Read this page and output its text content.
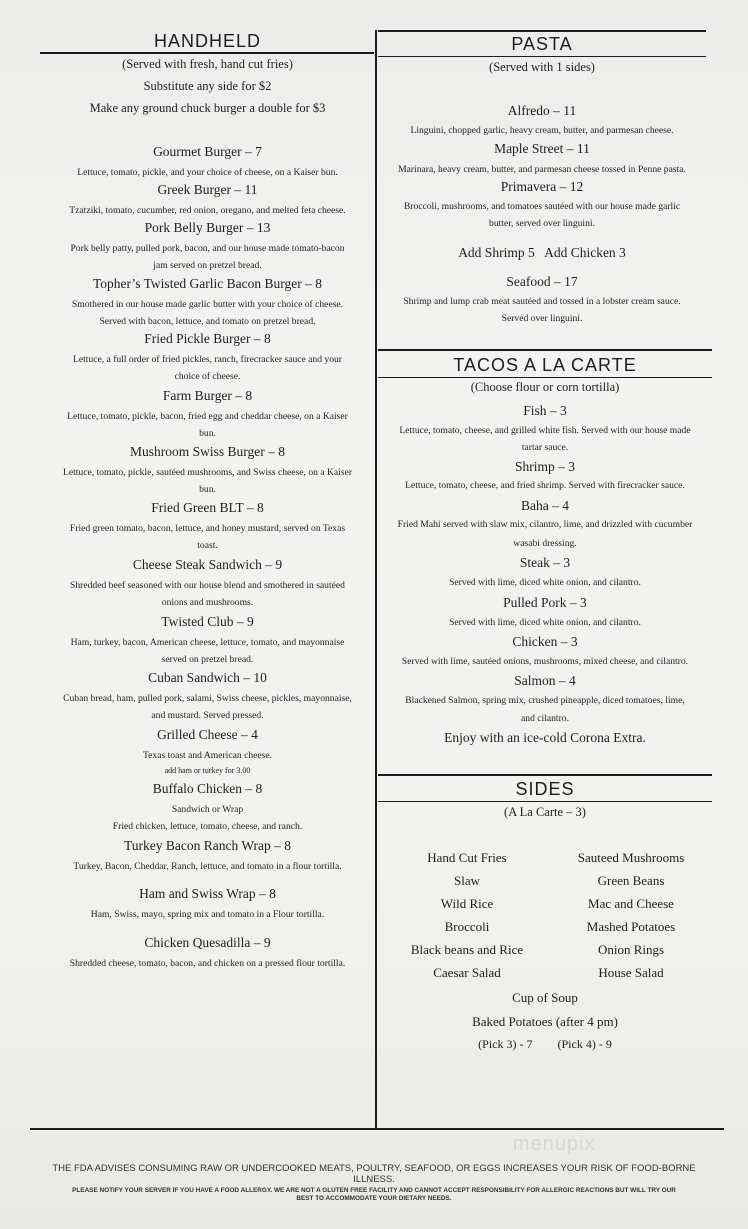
HANDHELD
(Served with fresh, hand cut fries)
Substitute any side for $2
Make any ground chuck burger a double for $3
Gourmet Burger – 7
Lettuce, tomato, pickle, and your choice of cheese, on a Kaiser bun.
Greek Burger – 11
Tzatziki, tomato, cucumber, red onion, oregano, and melted feta cheese.
Pork Belly Burger – 13
Pork belly patty, pulled pork, bacon, and our house made tomato-bacon
jam served on pretzel bread.
Topher’s Twisted Garlic Bacon Burger – 8
Smothered in our house made garlic butter with your choice of cheese.
Served with bacon, lettuce, and tomato on pretzel bread.
Fried Pickle Burger – 8
Lettuce, a full order of fried pickles, ranch, firecracker sauce and your
choice of cheese.
Farm Burger – 8
Lettuce, tomato, pickle, bacon, fried egg and cheddar cheese, on a Kaiser
bun.
Mushroom Swiss Burger – 8
Lettuce, tomato, pickle, sautéed mushrooms, and Swiss cheese, on a Kaiser
bun.
Fried Green BLT – 8
Fried green tomato, bacon, lettuce, and honey mustard, served on Texas
toast.
Cheese Steak Sandwich – 9
Shredded beef seasoned with our house blend and smothered in sautéed
onions and mushrooms.
Twisted Club – 9
Ham, turkey, bacon, American cheese, lettuce, tomato, and mayonnaise
served on pretzel bread.
Cuban Sandwich – 10
Cuban bread, ham, pulled pork, salami, Swiss cheese, pickles, mayonnaise,
and mustard. Served pressed.
Grilled Cheese – 4
Texas toast and American cheese.
add ham or turkey for 3.00
Buffalo Chicken – 8
Sandwich or Wrap
Fried chicken, lettuce, tomato, cheese, and ranch.
Turkey Bacon Ranch Wrap – 8
Turkey, Bacon, Cheddar, Ranch, lettuce, and tomato in a flour tortilla.
Ham and Swiss Wrap – 8
Ham, Swiss, mayo, spring mix and tomato in a Flour tortilla.
Chicken Quesadilla – 9
Shredded cheese, tomato, bacon, and chicken on a pressed flour tortilla.
PASTA
(Served with 1 sides)
Alfredo – 11
Linguini, chopped garlic, heavy cream, butter, and parmesan cheese.
Maple Street – 11
Marinara, heavy cream, butter, and parmesan cheese tossed in Penne pasta.
Primavera – 12
Broccoli, mushrooms, and tomatoes sautéed with our house made garlic
butter, served over linguini.
Add Shrimp 5   Add Chicken 3
Seafood – 17
Shrimp and lump crab meat sautéed and tossed in a lobster cream sauce.
Served over linguini.
TACOS A LA CARTE
(Choose flour or corn tortilla)
Fish – 3
Lettuce, tomato, cheese, and grilled white fish. Served with our house made
tartar sauce.
Shrimp – 3
Lettuce, tomato, cheese, and fried shrimp. Served with firecracker sauce.
Baha – 4
Fried Mahi served with slaw mix, cilantro, lime, and drizzled with cucumber
wasabi dressing.
Steak – 3
Served with lime, diced white onion, and cilantro.
Pulled Pork – 3
Served with lime, diced white onion, and cilantro.
Chicken – 3
Served with lime, sautéed onions, mushrooms, mixed cheese, and cilantro.
Salmon – 4
Blackened Salmon, spring mix, crushed pineapple, diced tomatoes, lime,
and cilantro.
Enjoy with an ice-cold Corona Extra.
SIDES
(A La Carte – 3)
Hand Cut Fries
Slaw
Wild Rice
Broccoli
Black beans and Rice
Caesar Salad
Sauteed Mushrooms
Green Beans
Mac and Cheese
Mashed Potatoes
Onion Rings
House Salad
Cup of Soup
Baked Potatoes (after 4 pm)
(Pick 3) - 7 (Pick 4) - 9
menupix
THE FDA ADVISES CONSUMING RAW OR UNDERCOOKED MEATS, POULTRY, SEAFOOD, OR EGGS INCREASES YOUR RISK OF FOOD-BORNE
ILLNESS.
PLEASE NOTIFY YOUR SERVER IF YOU HAVE A FOOD ALLERGY. WE ARE NOT A GLUTEN FREE FACILITY AND CANNOT ACCEPT RESPONSIBILITY FOR ALLERGIC REACTIONS BUT WILL TRY OUR
BEST TO ACCOMMODATE YOUR DIETARY NEEDS.
